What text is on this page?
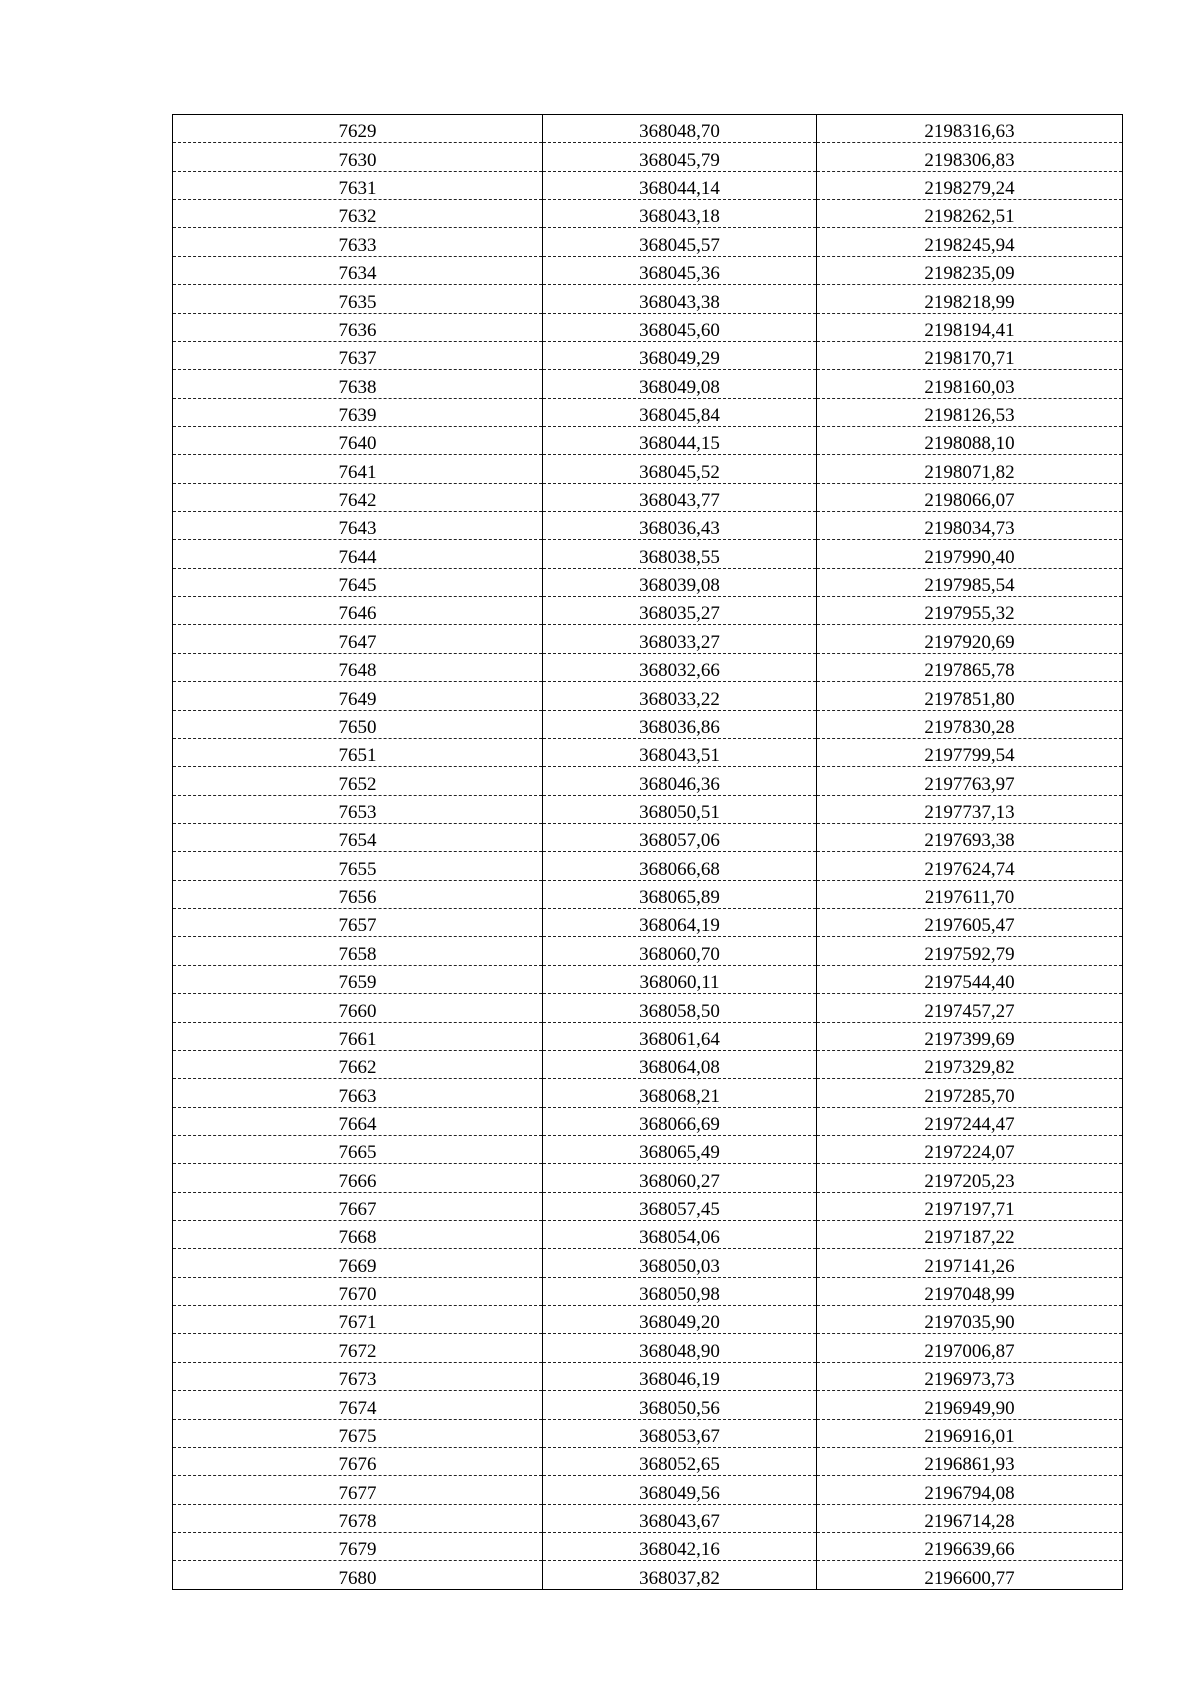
7629	368048,70	2198316,63
7630	368045,79	2198306,83
7631	368044,14	2198279,24
7632	368043,18	2198262,51
7633	368045,57	2198245,94
7634	368045,36	2198235,09
7635	368043,38	2198218,99
7636	368045,60	2198194,41
7637	368049,29	2198170,71
7638	368049,08	2198160,03
7639	368045,84	2198126,53
7640	368044,15	2198088,10
7641	368045,52	2198071,82
7642	368043,77	2198066,07
7643	368036,43	2198034,73
7644	368038,55	2197990,40
7645	368039,08	2197985,54
7646	368035,27	2197955,32
7647	368033,27	2197920,69
7648	368032,66	2197865,78
7649	368033,22	2197851,80
7650	368036,86	2197830,28
7651	368043,51	2197799,54
7652	368046,36	2197763,97
7653	368050,51	2197737,13
7654	368057,06	2197693,38
7655	368066,68	2197624,74
7656	368065,89	2197611,70
7657	368064,19	2197605,47
7658	368060,70	2197592,79
7659	368060,11	2197544,40
7660	368058,50	2197457,27
7661	368061,64	2197399,69
7662	368064,08	2197329,82
7663	368068,21	2197285,70
7664	368066,69	2197244,47
7665	368065,49	2197224,07
7666	368060,27	2197205,23
7667	368057,45	2197197,71
7668	368054,06	2197187,22
7669	368050,03	2197141,26
7670	368050,98	2197048,99
7671	368049,20	2197035,90
7672	368048,90	2197006,87
7673	368046,19	2196973,73
7674	368050,56	2196949,90
7675	368053,67	2196916,01
7676	368052,65	2196861,93
7677	368049,56	2196794,08
7678	368043,67	2196714,28
7679	368042,16	2196639,66
7680	368037,82	2196600,77
